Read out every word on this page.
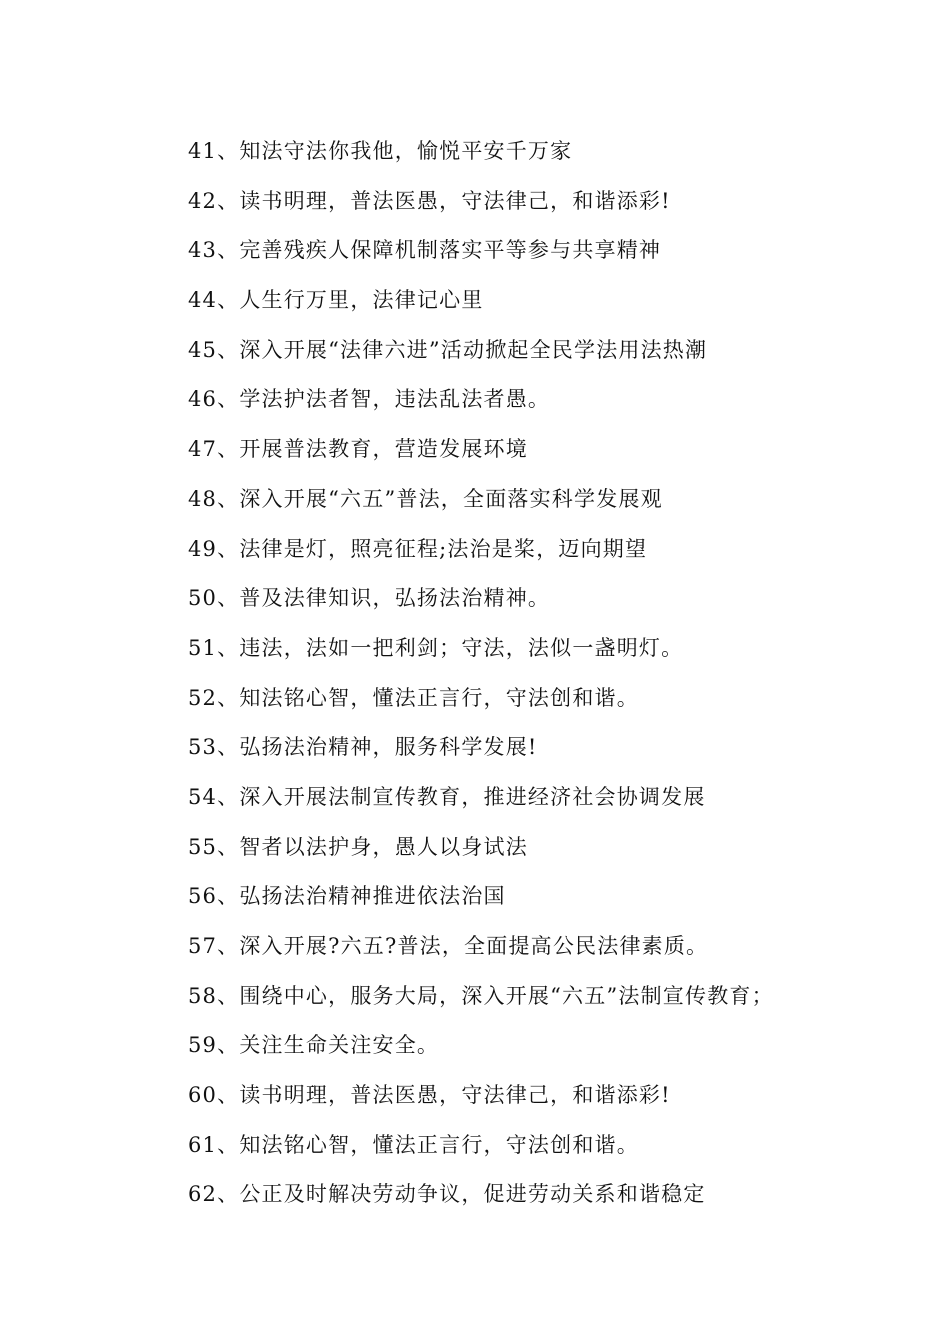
41、知法守法你我他，愉悦平安千万家
42、读书明理，普法医愚，守法律己，和谐添彩!
43、完善残疾人保障机制落实平等参与共享精神
44、人生行万里，法律记心里
45、深入开展“法律六进”活动掀起全民学法用法热潮
46、学法护法者智，违法乱法者愚。
47、开展普法教育，营造发展环境
48、深入开展“六五”普法，全面落实科学发展观
49、法律是灯，照亮征程;法治是桨，迈向期望
50、普及法律知识，弘扬法治精神。
51、违法，法如一把利剑；守法，法似一盏明灯。
52、知法铭心智，懂法正言行，守法创和谐。
53、弘扬法治精神，服务科学发展!
54、深入开展法制宣传教育，推进经济社会协调发展
55、智者以法护身，愚人以身试法
56、弘扬法治精神推进依法治国
57、深入开展?六五?普法，全面提高公民法律素质。
58、围绕中心，服务大局，深入开展“六五”法制宣传教育；
59、关注生命关注安全。
60、读书明理，普法医愚，守法律己，和谐添彩!
61、知法铭心智，懂法正言行，守法创和谐。
62、公正及时解决劳动争议，促进劳动关系和谐稳定
